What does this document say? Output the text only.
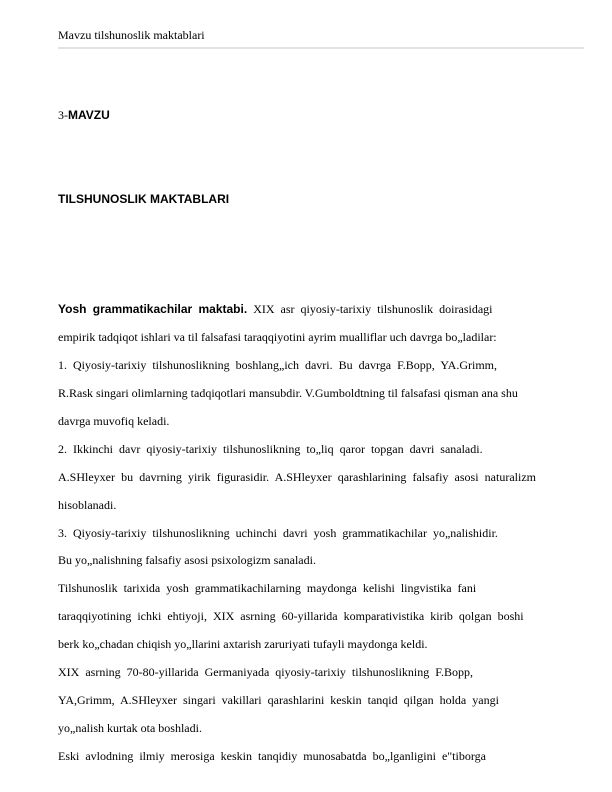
Mavzu tilshunoslik maktablari
3-MAVZU
TILSHUNOSLIK MAKTABLARI
Yosh grammatikachilar maktabi. XIX asr qiyosiy-tarixiy tilshunoslik doirasidagi
empirik tadqiqot ishlari va til falsafasi taraqqiyotini ayrim mualliflar uch davrga bo„ladilar:
1. Qiyosiy-tarixiy tilshunoslikning boshlang„ich davri. Bu davrga F.Bopp, YA.Grimm,
R.Rask singari olimlarning tadqiqotlari mansubdir. V.Gumboldtning til falsafasi qisman ana shu
davrga muvofiq keladi.
2. Ikkinchi davr qiyosiy-tarixiy tilshunoslikning to„liq qaror topgan davri sanaladi.
A.SHleyxer bu davrning yirik figurasidir. A.SHleyxer qarashlarining falsafiy asosi naturalizm
hisoblanadi.
3. Qiyosiy-tarixiy tilshunoslikning uchinchi davri yosh grammatikachilar yo„nalishidir.
Bu yo„nalishning falsafiy asosi psixologizm sanaladi.
Tilshunoslik tarixida yosh grammatikachilarning maydonga kelishi lingvistika fani
taraqqiyotining ichki ehtiyoji, XIX asrning 60-yillarida komparativistika kirib qolgan boshi
berk ko„chadan chiqish yo„llarini axtarish zaruriyati tufayli maydonga keldi.
XIX asrning 70-80-yillarida Germaniyada qiyosiy-tarixiy tilshunoslikning F.Bopp,
YA,Grimm, A.SHleyxer singari vakillari qarashlarini keskin tanqid qilgan holda yangi
yo„nalish kurtak ota boshladi.
Eski avlodning ilmiy merosiga keskin tanqidiy munosabatda bo„lganligini e"tiborga
